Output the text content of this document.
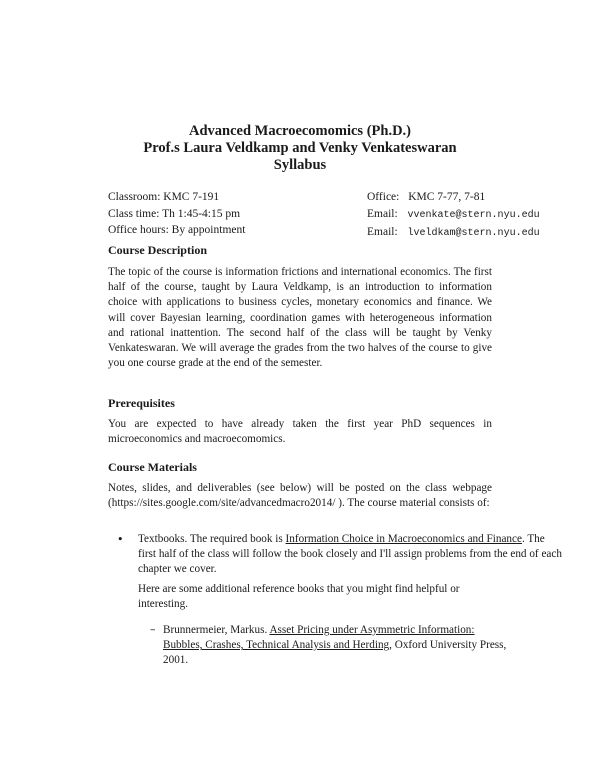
Advanced Macroecomomics (Ph.D.)
Prof.s Laura Veldkamp and Venky Venkateswaran
Syllabus
Classroom: KMC 7-191
Class time: Th 1:45-4:15 pm
Office hours: By appointment
Office: KMC 7-77, 7-81
Email: vvenkate@stern.nyu.edu
Email: lveldkam@stern.nyu.edu
Course Description
The topic of the course is information frictions and international economics. The first half of the course, taught by Laura Veldkamp, is an introduction to information choice with applications to business cycles, monetary economics and finance. We will cover Bayesian learning, coordination games with heterogeneous information and rational inattention. The second half of the class will be taught by Venky Venkateswaran. We will average the grades from the two halves of the course to give you one course grade at the end of the semester.
Prerequisites
You are expected to have already taken the first year PhD sequences in microeconomics and macroecomomics.
Course Materials
Notes, slides, and deliverables (see below) will be posted on the class webpage (https://sites.google.com/site/advancedmacro2014/ ). The course material consists of:
• Textbooks. The required book is Information Choice in Macroeconomics and Finance. The first half of the class will follow the book closely and I'll assign problems from the end of each chapter we cover.
Here are some additional reference books that you might find helpful or interesting.
– Brunnermeier, Markus. Asset Pricing under Asymmetric Information: Bubbles, Crashes, Technical Analysis and Herding, Oxford University Press, 2001.
